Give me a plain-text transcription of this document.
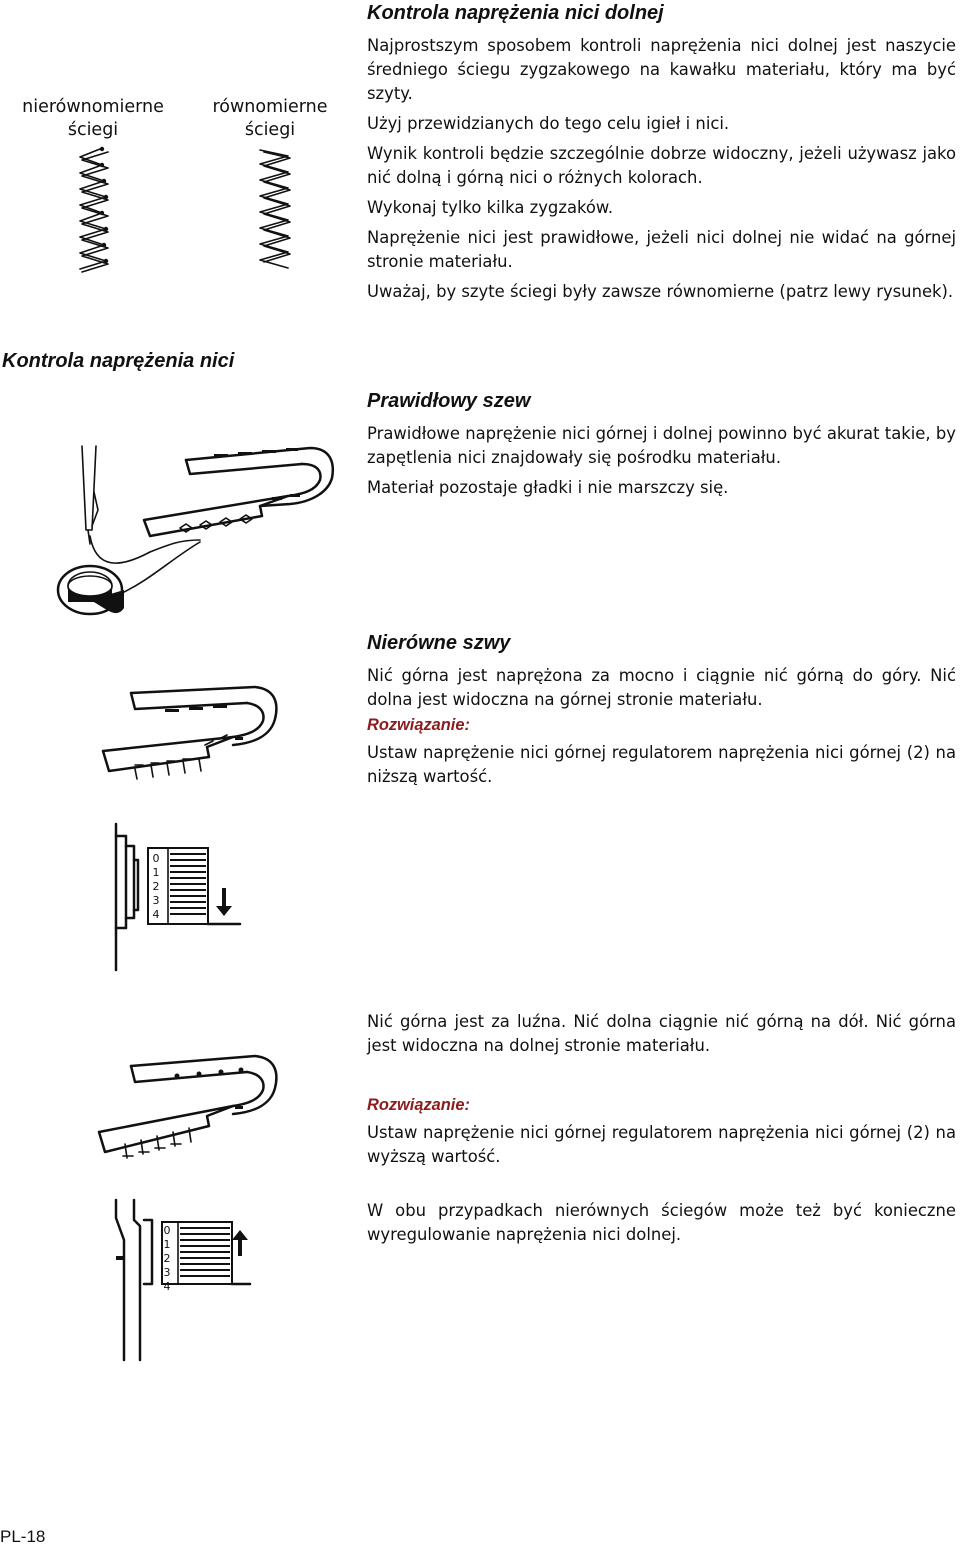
nierównomierne ściegi
równomierne ściegi
Kontrola naprężenia nici dolnej

Najprostszym sposobem kontroli naprężenia nici dolnej jest naszycie średniego ściegu zygzakowego na kawałku materiału, który ma być szyty.

Użyj przewidzianych do tego celu igieł i nici.

Wynik kontroli będzie szczególnie dobrze widoczny, jeżeli używasz jako nić dolną i górną nici o różnych kolorach.

Wykonaj tylko kilka zygzaków.

Naprężenie nici jest prawidłowe, jeżeli nici dolnej nie widać na górnej stronie materiału.

Uważaj, by szyte ściegi były zawsze równomierne (patrz lewy rysunek).

Kontrola naprężenia nici
Prawidłowy szew

Prawidłowe naprężenie nici górnej i dolnej powinno być akurat takie, by zapętlenia nici znajdowały się pośrodku materiału.

Materiał pozostaje gładki i nie marszczy się.

Nierówne szwy

Nić górna jest naprężona za mocno i ciągnie nić górną do góry. Nić dolna jest widoczna na górnej stronie materiału.

Rozwiązanie:

Ustaw naprężenie nici górnej regulatorem naprężenia nici górnej (2) na niższą wartość.

0
1
2
3
4

Nić górna jest za luźna. Nić dolna ciągnie nić górną na dół. Nić górna jest widoczna na dolnej stronie materiału.

Rozwiązanie:

Ustaw naprężenie nici górnej regulatorem naprężenia nici górnej (2) na wyższą wartość.

W obu przypadkach nierównych ściegów może też być konieczne wyregulowanie naprężenia nici dolnej.

0
1
2
3
4
PL-18
